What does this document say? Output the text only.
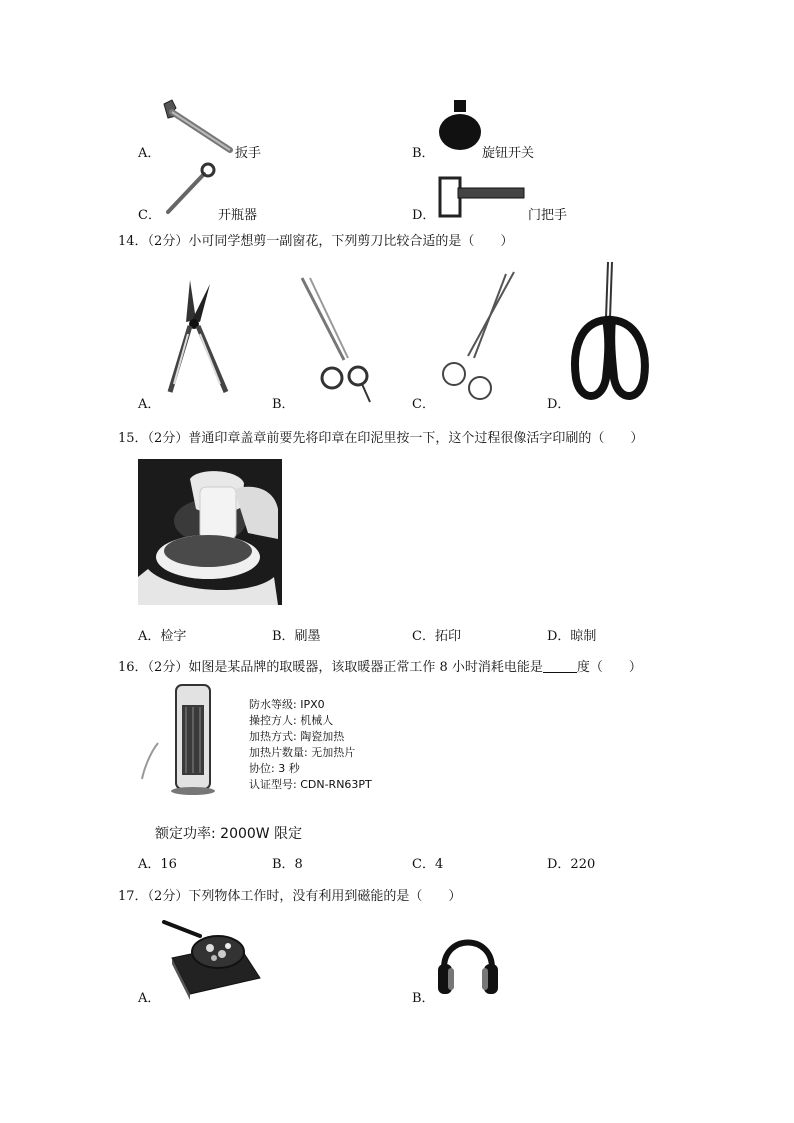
A．	扳手	B．	旋钮开关
C．	开瓶器	D．	门把手
14．（2分）小可同学想剪一副窗花，下列剪刀比较合适的是（　　）
A．	B．	C．	D．
15．（2分）普通印章盖章前要先将印章在印泥里按一下，这个过程很像活字印刷的（　　）
A．检字	B．刷墨	C．拓印	D．晾制
16．（2分）如图是某品牌的取暖器，该取暖器正常工作 8 小时消耗电能是	度（　　）
防水等级: IPX0
操控方人: 机械人
加热方式: 陶瓷加热
加热片数量: 无加热片
协位: 3 秒
认证型号: CDN-RN63PT
额定功率: 2000W 限定
A．16	B．8	C．4	D．220
17．（2分）下列物体工作时，没有利用到磁能的是（　　）
A．	B．
